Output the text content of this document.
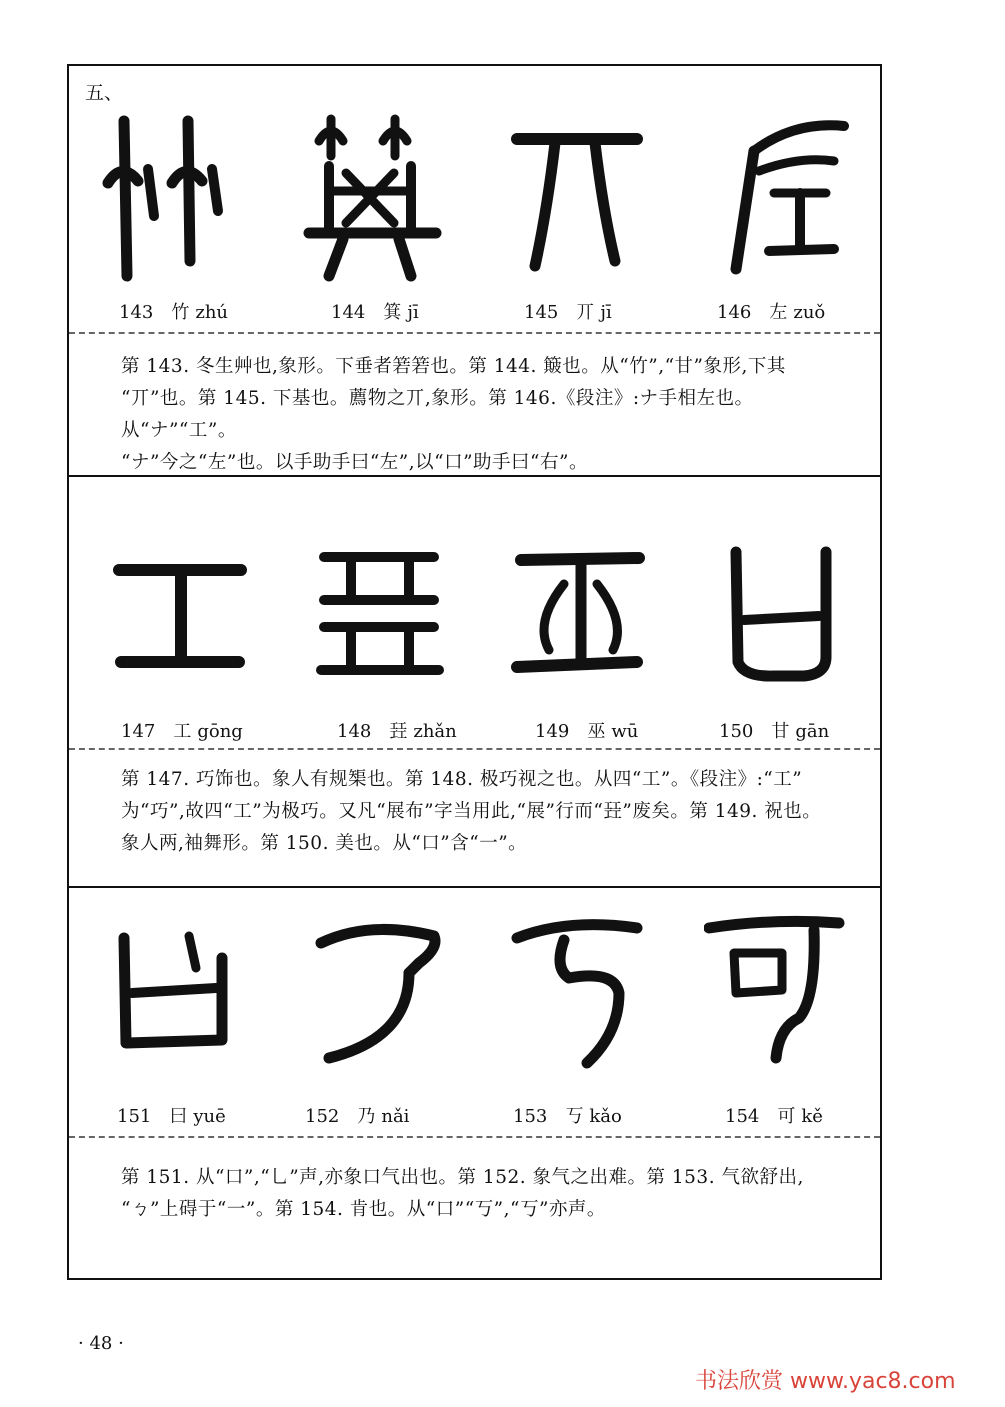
五、
143 竹 zhú	144 箕 jī	145 丌 jī	146 左 zuǒ

第 143. 冬生艸也,象形。下垂者箬箬也。第 144. 簸也。从“竹”,“甘”象形,下其

“丌”也。第 145. 下基也。薦物之丌,象形。第 146.《段注》:ナ手相左也。从“ナ”“工”。

“ナ”今之“左”也。以手助手曰“左”,以“口”助手曰“右”。

147 工 gōng	148 㠭 zhǎn	149 巫 wū	150 甘 gān

第 147. 巧饰也。象人有规榘也。第 148. 极巧视之也。从四“工”。《段注》:“工”

为“巧”,故四“工”为极巧。又凡“展布”字当用此,“展”行而“㠭”废矣。第 149. 祝也。

象人两,袖舞形。第 150. 美也。从“口”含“一”。

151 曰 yuē	152 乃 nǎi	153 丂 kǎo	154 可 kě

第 151. 从“口”,“乚”声,亦象口气出也。第 152. 象气之出难。第 153. 气欲舒出,

“ㄅ”上碍于“一”。第 154. 肯也。从“口”“丂”,“丂”亦声。

· 48 ·
书法欣赏 www.yac8.com
